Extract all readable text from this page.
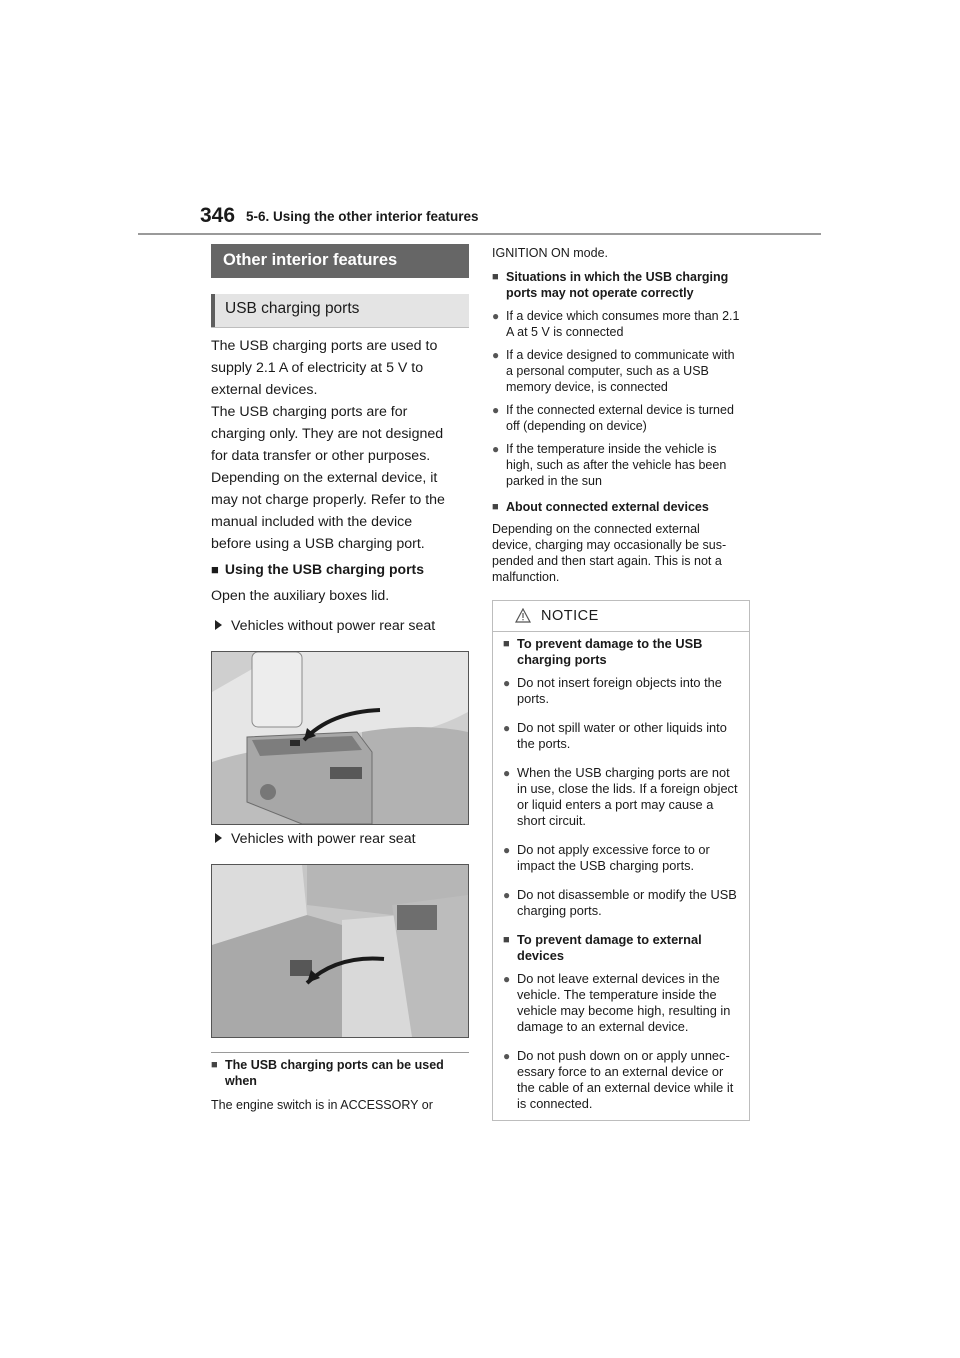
346 5-6. Using the other interior features
Other interior features
USB charging ports

The USB charging ports are used to

supply 2.1 A of electricity at 5 V to

external devices.

The USB charging ports are for

charging only. They are not designed

for data transfer or other purposes.

Depending on the external device, it

may not charge properly. Refer to the

manual included with the device

before using a USB charging port.

■ Using the USB charging ports
Open the auxiliary boxes lid.
Vehicles without power rear seat
Vehicles with power rear seat
■ The USB charging ports can be used
when
The engine switch is in ACCESSORY or
IGNITION ON mode.
■ Situations in which the USB charging
ports may not operate correctly
● If a device which consumes more than 2.1
A at 5 V is connected
● If a device designed to communicate with
a personal computer, such as a USB
memory device, is connected
● If the connected external device is turned
off (depending on device)
● If the temperature inside the vehicle is
high, such as after the vehicle has been
parked in the sun
■ About connected external devices
Depending on the connected external
device, charging may occasionally be sus-
pended and then start again. This is not a
malfunction.
NOTICE
■ To prevent damage to the USB
charging ports
● Do not insert foreign objects into the
ports.
● Do not spill water or other liquids into
the ports.
● When the USB charging ports are not
in use, close the lids. If a foreign object
or liquid enters a port may cause a
short circuit.
● Do not apply excessive force to or
impact the USB charging ports.
● Do not disassemble or modify the USB
charging ports.
■ To prevent damage to external
devices
● Do not leave external devices in the
vehicle. The temperature inside the
vehicle may become high, resulting in
damage to an external device.
● Do not push down on or apply unnec-
essary force to an external device or
the cable of an external device while it
is connected.
